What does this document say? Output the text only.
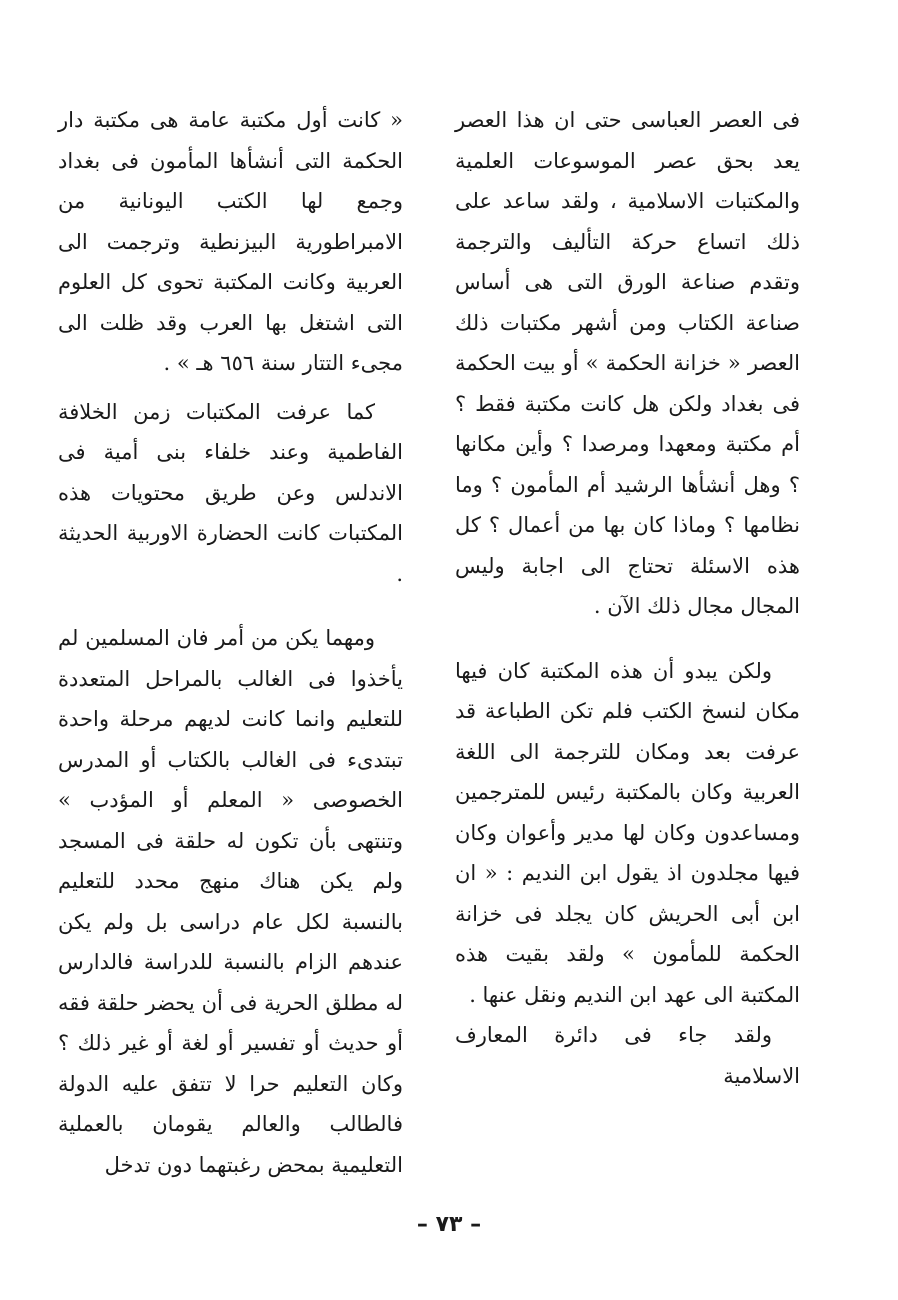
فى العصر العباسى حتى ان هذا العصر يعد بحق عصر الموسوعات العلمية والمكتبات الاسلامية ، ولقد ساعد على ذلك اتساع حركة التأليف والترجمة وتقدم صناعة الورق التى هى أساس صناعة الكتاب ومن أشهر مكتبات ذلك العصر « خزانة الحكمة » أو بيت الحكمة فى بغداد ولكن هل كانت مكتبة فقط ؟ أم مكتبة ومعهدا ومرصدا ؟ وأين مكانها ؟ وهل أنشأها الرشيد أم المأمون ؟ وما نظامها ؟ وماذا كان بها من أعمال ؟ كل هذه الاسئلة تحتاج الى اجابة وليس المجال مجال ذلك الآن .

ولكن يبدو أن هذه المكتبة كان فيها مكان لنسخ الكتب فلم تكن الطباعة قد عرفت بعد ومكان للترجمة الى اللغة العربية وكان بالمكتبة رئيس للمترجمين ومساعدون وكان لها مدير وأعوان وكان فيها مجلدون اذ يقول ابن النديم : « ان ابن أبى الحريش كان يجلد فى خزانة الحكمة للمأمون » ولقد بقيت هذه المكتبة الى عهد ابن النديم ونقل عنها .

ولقد جاء فى دائرة المعارف الاسلامية

« كانت أول مكتبة عامة هى مكتبة دار الحكمة التى أنشأها المأمون فى بغداد وجمع لها الكتب اليونانية من الامبراطورية البيزنطية وترجمت الى العربية وكانت المكتبة تحوى كل العلوم التى اشتغل بها العرب وقد ظلت الى مجىء التتار سنة ٦٥٦ هـ » .

كما عرفت المكتبات زمن الخلافة الفاطمية وعند خلفاء بنى أمية فى الاندلس وعن طريق محتويات هذه المكتبات كانت الحضارة الاوربية الحديثة .

ومهما يكن من أمر فان المسلمين لم يأخذوا فى الغالب بالمراحل المتعددة للتعليم وانما كانت لديهم مرحلة واحدة تبتدىء فى الغالب بالكتاب أو المدرس الخصوصى « المعلم أو المؤدب » وتنتهى بأن تكون له حلقة فى المسجد ولم يكن هناك منهج محدد للتعليم بالنسبة لكل عام دراسى بل ولم يكن عندهم الزام بالنسبة للدراسة فالدارس له مطلق الحرية فى أن يحضر حلقة فقه أو حديث أو تفسير أو لغة أو غير ذلك ؟ وكان التعليم حرا لا تتفق عليه الدولة فالطالب والعالم يقومان بالعملية التعليمية بمحض رغبتهما دون تدخل

– ٧٣ –
